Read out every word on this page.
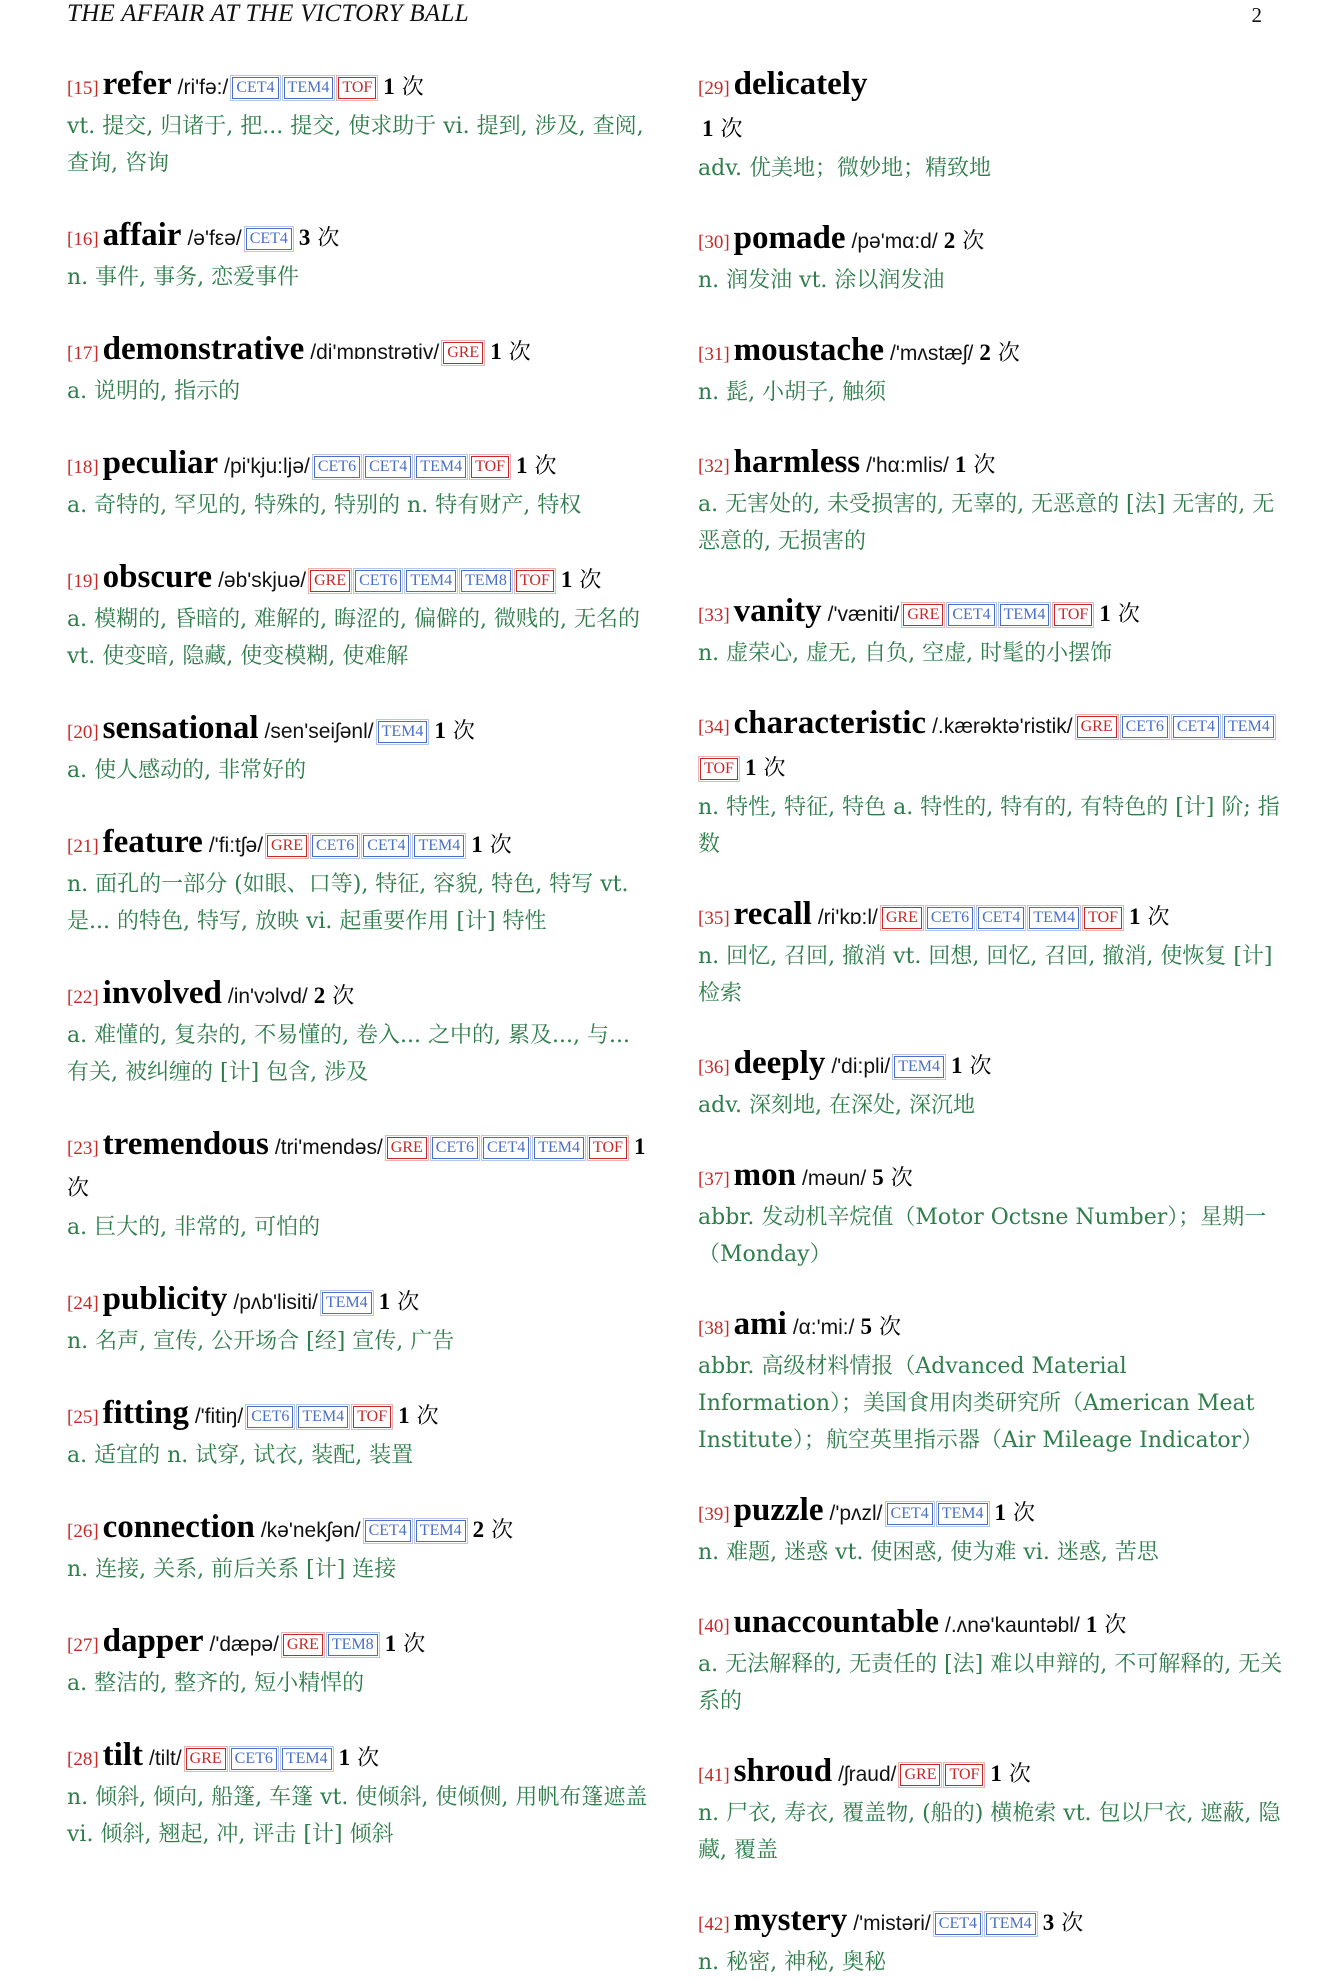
THE AFFAIR AT THE VICTORY BALL	2
[15] refer /ri'fə:/ CET4 TEM4 TOF 1 次
vt. 提交, 归诸于, 把... 提交, 使求助于 vi. 提到, 涉及, 查阅, 查询, 咨询
[16] affair /ə'fεə/ CET4 3 次
n. 事件, 事务, 恋爱事件
[17] demonstrative /di'mɒnstrətiv/ GRE 1 次
a. 说明的, 指示的
[18] peculiar /pi'kju:ljə/ CET6 CET4 TEM4 TOF 1 次
a. 奇特的, 罕见的, 特殊的, 特别的 n. 特有财产, 特权
[19] obscure /əb'skjuə/ GRE CET6 TEM4 TEM8 TOF 1 次
a. 模糊的, 昏暗的, 难解的, 晦涩的, 偏僻的, 微贱的, 无名的 vt. 使变暗, 隐藏, 使变模糊, 使难解
[20] sensational /sen'seiʃənl/ TEM4 1 次
a. 使人感动的, 非常好的
[21] feature /'fi:tʃə/ GRE CET6 CET4 TEM4 1 次
n. 面孔的一部分 (如眼、口等), 特征, 容貌, 特色, 特写 vt. 是... 的特色, 特写, 放映 vi. 起重要作用 [计] 特性
[22] involved /in'vɔlvd/ 2 次
a. 难懂的, 复杂的, 不易懂的, 卷入... 之中的, 累及..., 与... 有关, 被纠缠的 [计] 包含, 涉及
[23] tremendous /tri'mendəs/ GRE CET6 CET4 TEM4 TOF 1 次
a. 巨大的, 非常的, 可怕的
[24] publicity /pʌb'lisiti/ TEM4 1 次
n. 名声, 宣传, 公开场合 [经] 宣传, 广告
[25] fitting /'fitiŋ/ CET6 TEM4 TOF 1 次
a. 适宜的 n. 试穿, 试衣, 装配, 装置
[26] connection /kə'nekʃən/ CET4 TEM4 2 次
n. 连接, 关系, 前后关系 [计] 连接
[27] dapper /'dæpə/ GRE TEM8 1 次
a. 整洁的, 整齐的, 短小精悍的
[28] tilt /tilt/ GRE CET6 TEM4 1 次
n. 倾斜, 倾向, 船篷, 车篷 vt. 使倾斜, 使倾侧, 用帆布篷遮盖 vi. 倾斜, 翘起, 冲, 评击 [计] 倾斜
[29] delicately
1 次
adv. 优美地；微妙地；精致地
[30] pomade /pə'mα:d/ 2 次
n. 润发油 vt. 涂以润发油
[31] moustache /'mʌstæʃ/ 2 次
n. 髭, 小胡子, 触须
[32] harmless /'hα:mlis/ 1 次
a. 无害处的, 未受损害的, 无辜的, 无恶意的 [法] 无害的, 无恶意的, 无损害的
[33] vanity /'væniti/ GRE CET4 TEM4 TOF 1 次
n. 虚荣心, 虚无, 自负, 空虚, 时髦的小摆饰
[34] characteristic /.kærəktə'ristik/ GRE CET6 CET4 TEM4TOF 1 次
n. 特性, 特征, 特色 a. 特性的, 特有的, 有特色的 [计] 阶; 指数
[35] recall /ri'kɒ:l/ GRE CET6 CET4 TEM4 TOF 1 次
n. 回忆, 召回, 撤消 vt. 回想, 回忆, 召回, 撤消, 使恢复 [计] 检索
[36] deeply /'di:pli/ TEM4 1 次
adv. 深刻地, 在深处, 深沉地
[37] mon /məun/ 5 次
abbr. 发动机辛烷值（Motor Octsne Number）；星期一（Monday）
[38] ami /α:'mi:/ 5 次
abbr. 高级材料情报（Advanced Material Information）；美国食用肉类研究所（American Meat Institute）；航空英里指示器（Air Mileage Indicator）
[39] puzzle /'pʌzl/ CET4 TEM4 1 次
n. 难题, 迷惑 vt. 使困惑, 使为难 vi. 迷惑, 苦思
[40] unaccountable /.ʌnə'kauntəbl/ 1 次
a. 无法解释的, 无责任的 [法] 难以申辩的, 不可解释的, 无关系的
[41] shroud /ʃraud/ GRE TOF 1 次
n. 尸衣, 寿衣, 覆盖物, (船的) 横桅索 vt. 包以尸衣, 遮蔽, 隐藏, 覆盖
[42] mystery /'mistəri/ CET4 TEM4 3 次
n. 秘密, 神秘, 奥秘
